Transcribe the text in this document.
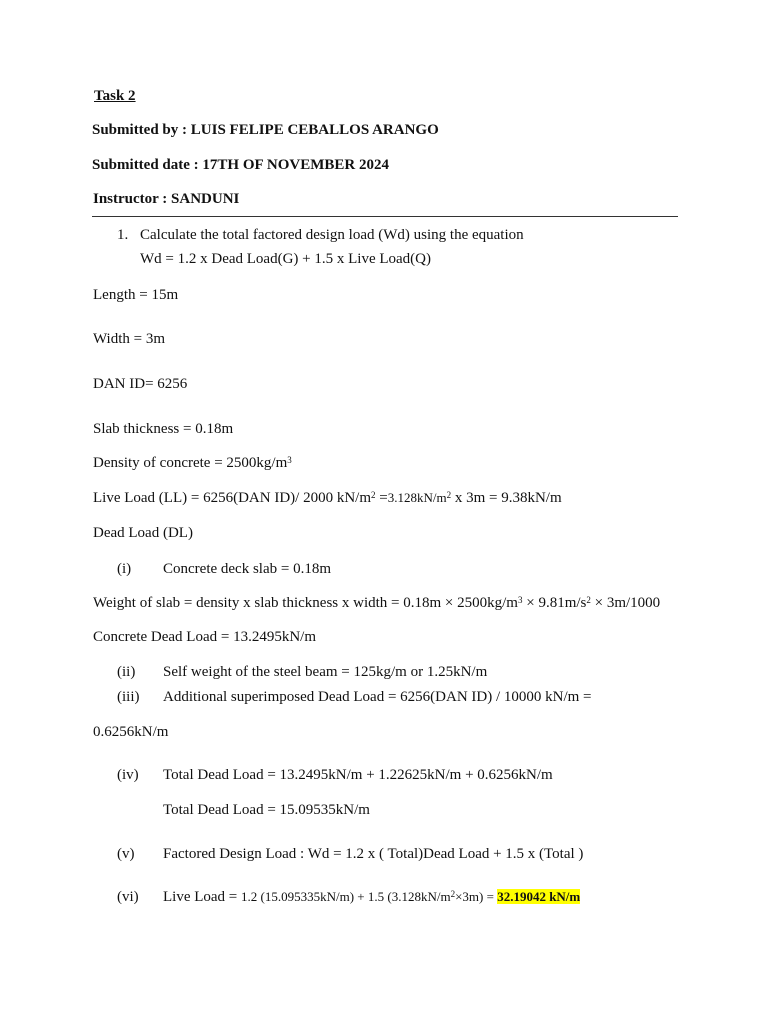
Task 2
Submitted by : LUIS FELIPE CEBALLOS ARANGO
Submitted date : 17TH OF NOVEMBER 2024
Instructor : SANDUNI
1. Calculate the total factored design load (Wd) using the equation
Wd = 1.2 x Dead Load(G) + 1.5 x Live Load(Q)
Length = 15m
Width = 3m
DAN ID= 6256
Slab thickness = 0.18m
Density of concrete = $2500kg/m^3$
Live Load (LL) = 6256(DAN ID)/ 2000 $kN/m^2 =3.128kN/m^2$ x 3m = 9.38kN/m
Dead Load (DL)
(i) Concrete deck slab = 0.18m
Weight of slab = density x slab thickness x width = $0.18m \times 2500kg/m^3 \times 9.81m/s^2 \times 3m/1000$
Concrete Dead Load = 13.2495kN/m
(ii) Self weight of the steel beam = 125kg/m or 1.25kN/m
(iii) Additional superimposed Dead Load = 6256(DAN ID) / 10000 kN/m =
0.6256kN/m
(iv) Total Dead Load = 13.2495kN/m + 1.22625kN/m + 0.6256kN/m
Total Dead Load = 15.09535kN/m
(v) Factored Design Load : Wd = 1.2 x ( Total)Dead Load + 1.5 x (Total )
(vi) Live Load = 1.2 (15.095335kN/m) + 1.5 $(3.128kN/m^2\times 3m) = 32.19042$ kN/m
